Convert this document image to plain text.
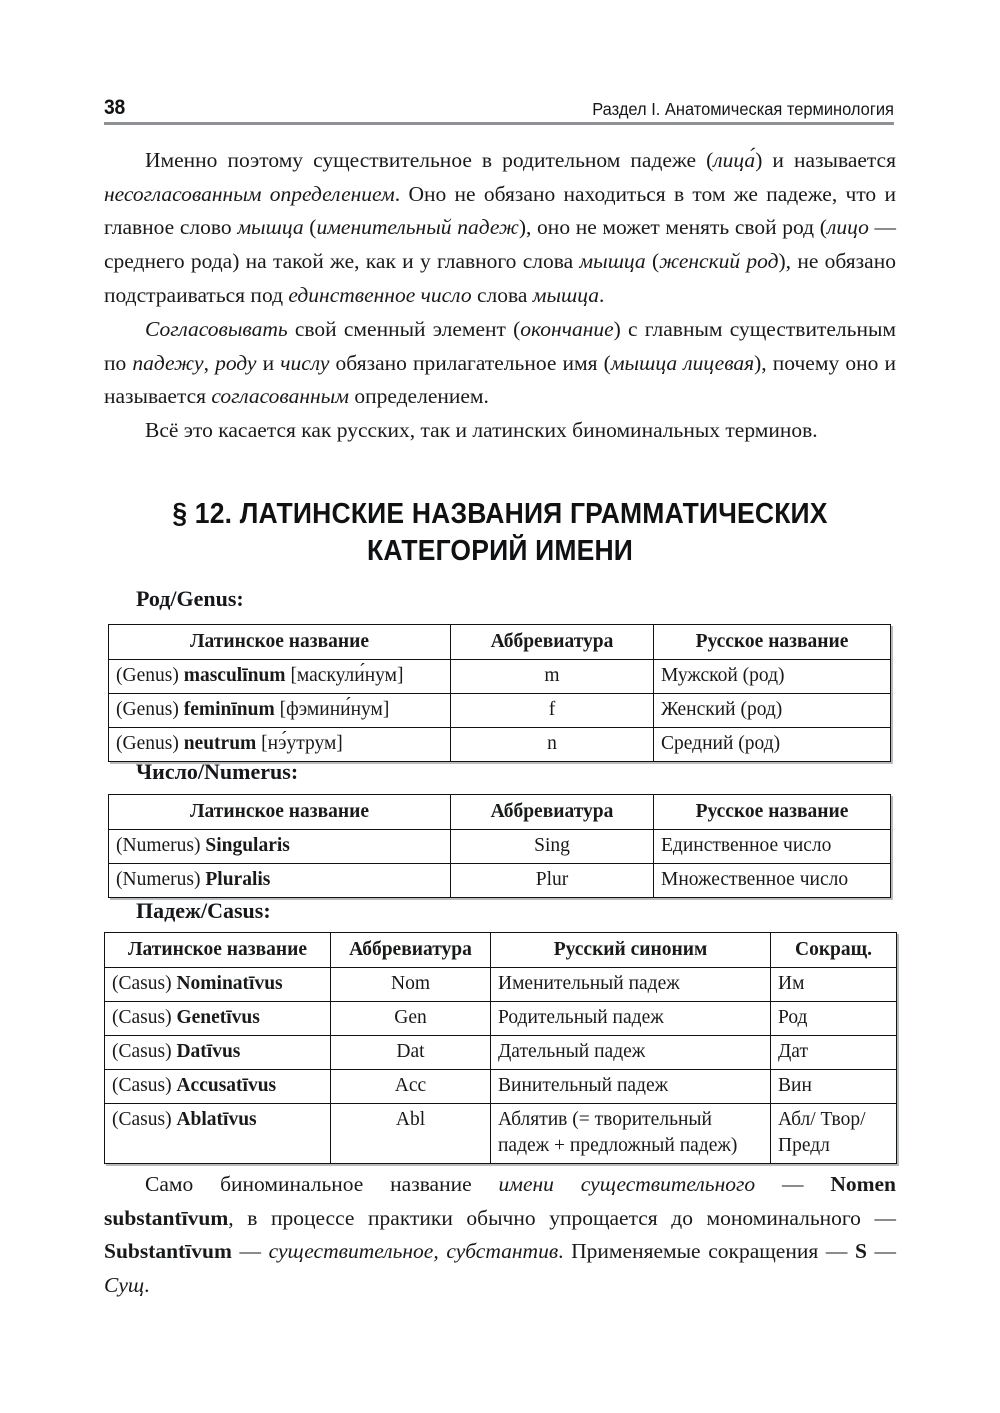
38	Раздел I. Анатомическая терминология

Именно поэтому существительное в родительном падеже (лица́) и называется несогласованным определением. Оно не обязано находиться в том же падеже, что и главное слово мышца (именительный падеж), оно не может менять свой род (лицо — среднего рода) на такой же, как и у главного слова мышца (женский род), не обязано подстраиваться под единственное число слова мышца.

Согласовывать свой сменный элемент (окончание) с главным существительным по падежу, роду и числу обязано прилагательное имя (мышца лицевая), почему оно и называется согласованным определением.

Всё это касается как русских, так и латинских биноминальных терминов.

§ 12. ЛАТИНСКИЕ НАЗВАНИЯ ГРАММАТИЧЕСКИХ
КАТЕГОРИЙ ИМЕНИ
Род/Genus:
Латинское название	Аббревиатура	Русское название
(Genus) masculīnum [маскули́нум]	m	Мужской (род)
(Genus) feminīnum [фэмини́нум]	f	Женский (род)
(Genus) neutrum [нэ́утрум]	n	Средний (род)
Число/Numerus:
Латинское название	Аббревиатура	Русское название
(Numerus) Singularis	Sing	Единственное число
(Numerus) Pluralis	Plur	Множественное число
Падеж/Casus:
Латинское название	Аббревиатура	Русский синоним	Сокращ.
(Casus) Nominatīvus	Nom	Именительный падеж	Им
(Casus) Genetīvus	Gen	Родительный падеж	Род
(Casus) Datīvus	Dat	Дательный падеж	Дат
(Casus) Accusatīvus	Acc	Винительный падеж	Вин
(Casus) Ablatīvus	Abl	Аблятив (= творительный падеж + предложный падеж)	Абл/ Твор/ Предл

Само биноминальное название имени существительного — Nomen substantīvum, в процессе практики обычно упрощается до мономинального — Substantīvum — существительное, субстантив. Применяемые сокращения — S — Сущ.
